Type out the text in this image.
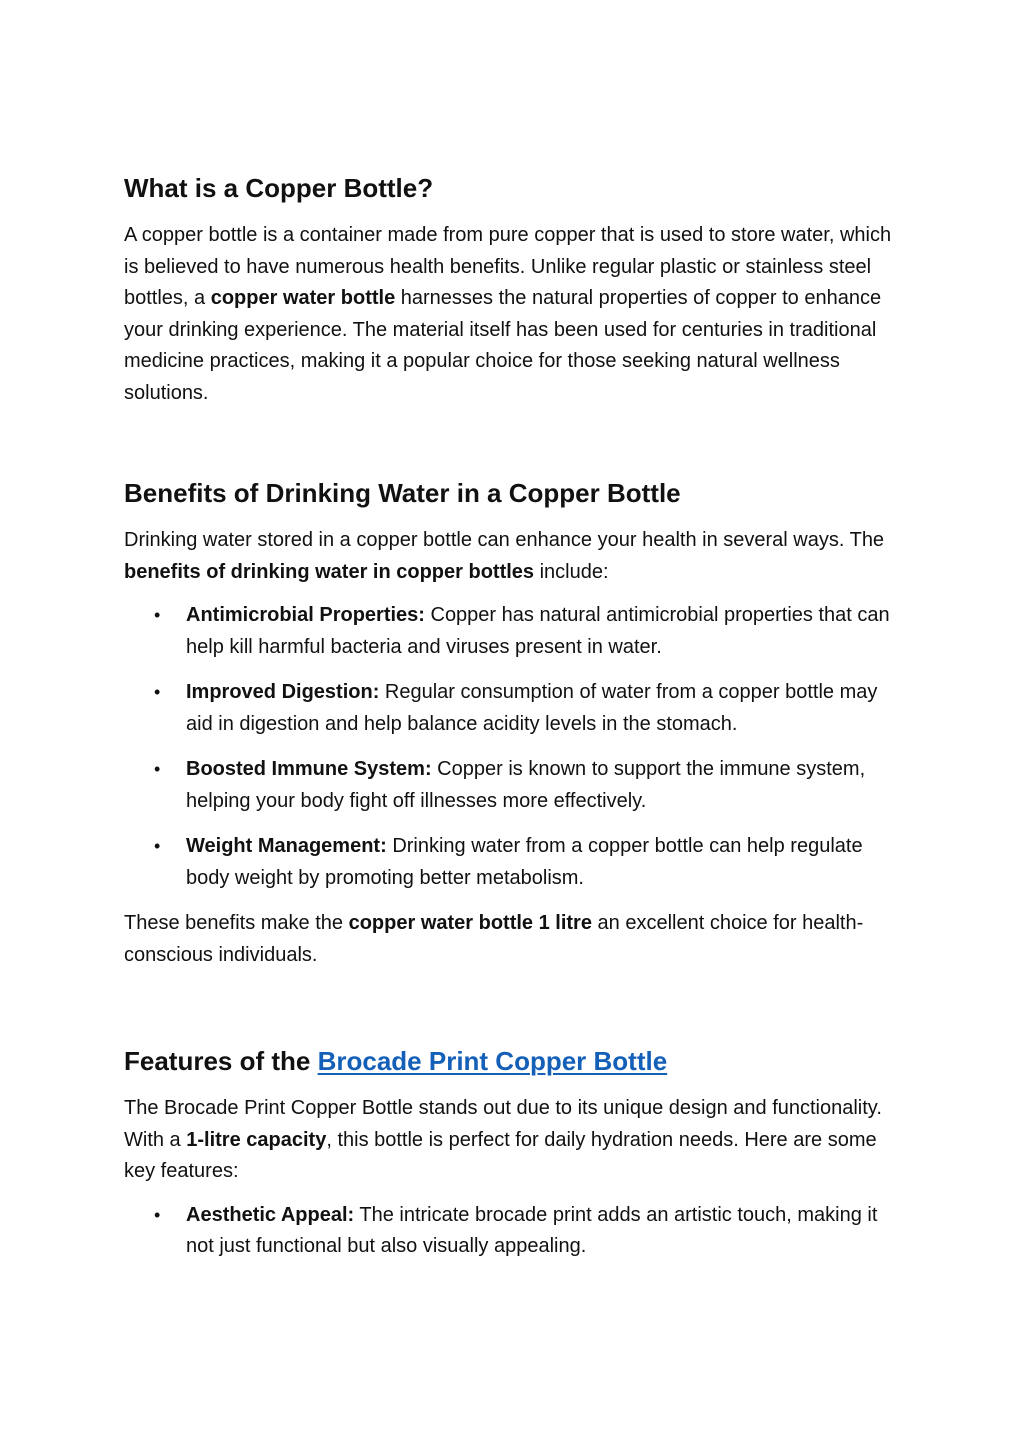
What is a Copper Bottle?

A copper bottle is a container made from pure copper that is used to store water, which is believed to have numerous health benefits. Unlike regular plastic or stainless steel bottles, a copper water bottle harnesses the natural properties of copper to enhance your drinking experience. The material itself has been used for centuries in traditional medicine practices, making it a popular choice for those seeking natural wellness solutions.

Benefits of Drinking Water in a Copper Bottle

Drinking water stored in a copper bottle can enhance your health in several ways. The benefits of drinking water in copper bottles include:

• Antimicrobial Properties: Copper has natural antimicrobial properties that can help kill harmful bacteria and viruses present in water.
• Improved Digestion: Regular consumption of water from a copper bottle may aid in digestion and help balance acidity levels in the stomach.
• Boosted Immune System: Copper is known to support the immune system, helping your body fight off illnesses more effectively.
• Weight Management: Drinking water from a copper bottle can help regulate body weight by promoting better metabolism.

These benefits make the copper water bottle 1 litre an excellent choice for health-conscious individuals.

Features of the Brocade Print Copper Bottle

The Brocade Print Copper Bottle stands out due to its unique design and functionality. With a 1-litre capacity, this bottle is perfect for daily hydration needs. Here are some key features:

• Aesthetic Appeal: The intricate brocade print adds an artistic touch, making it not just functional but also visually appealing.
